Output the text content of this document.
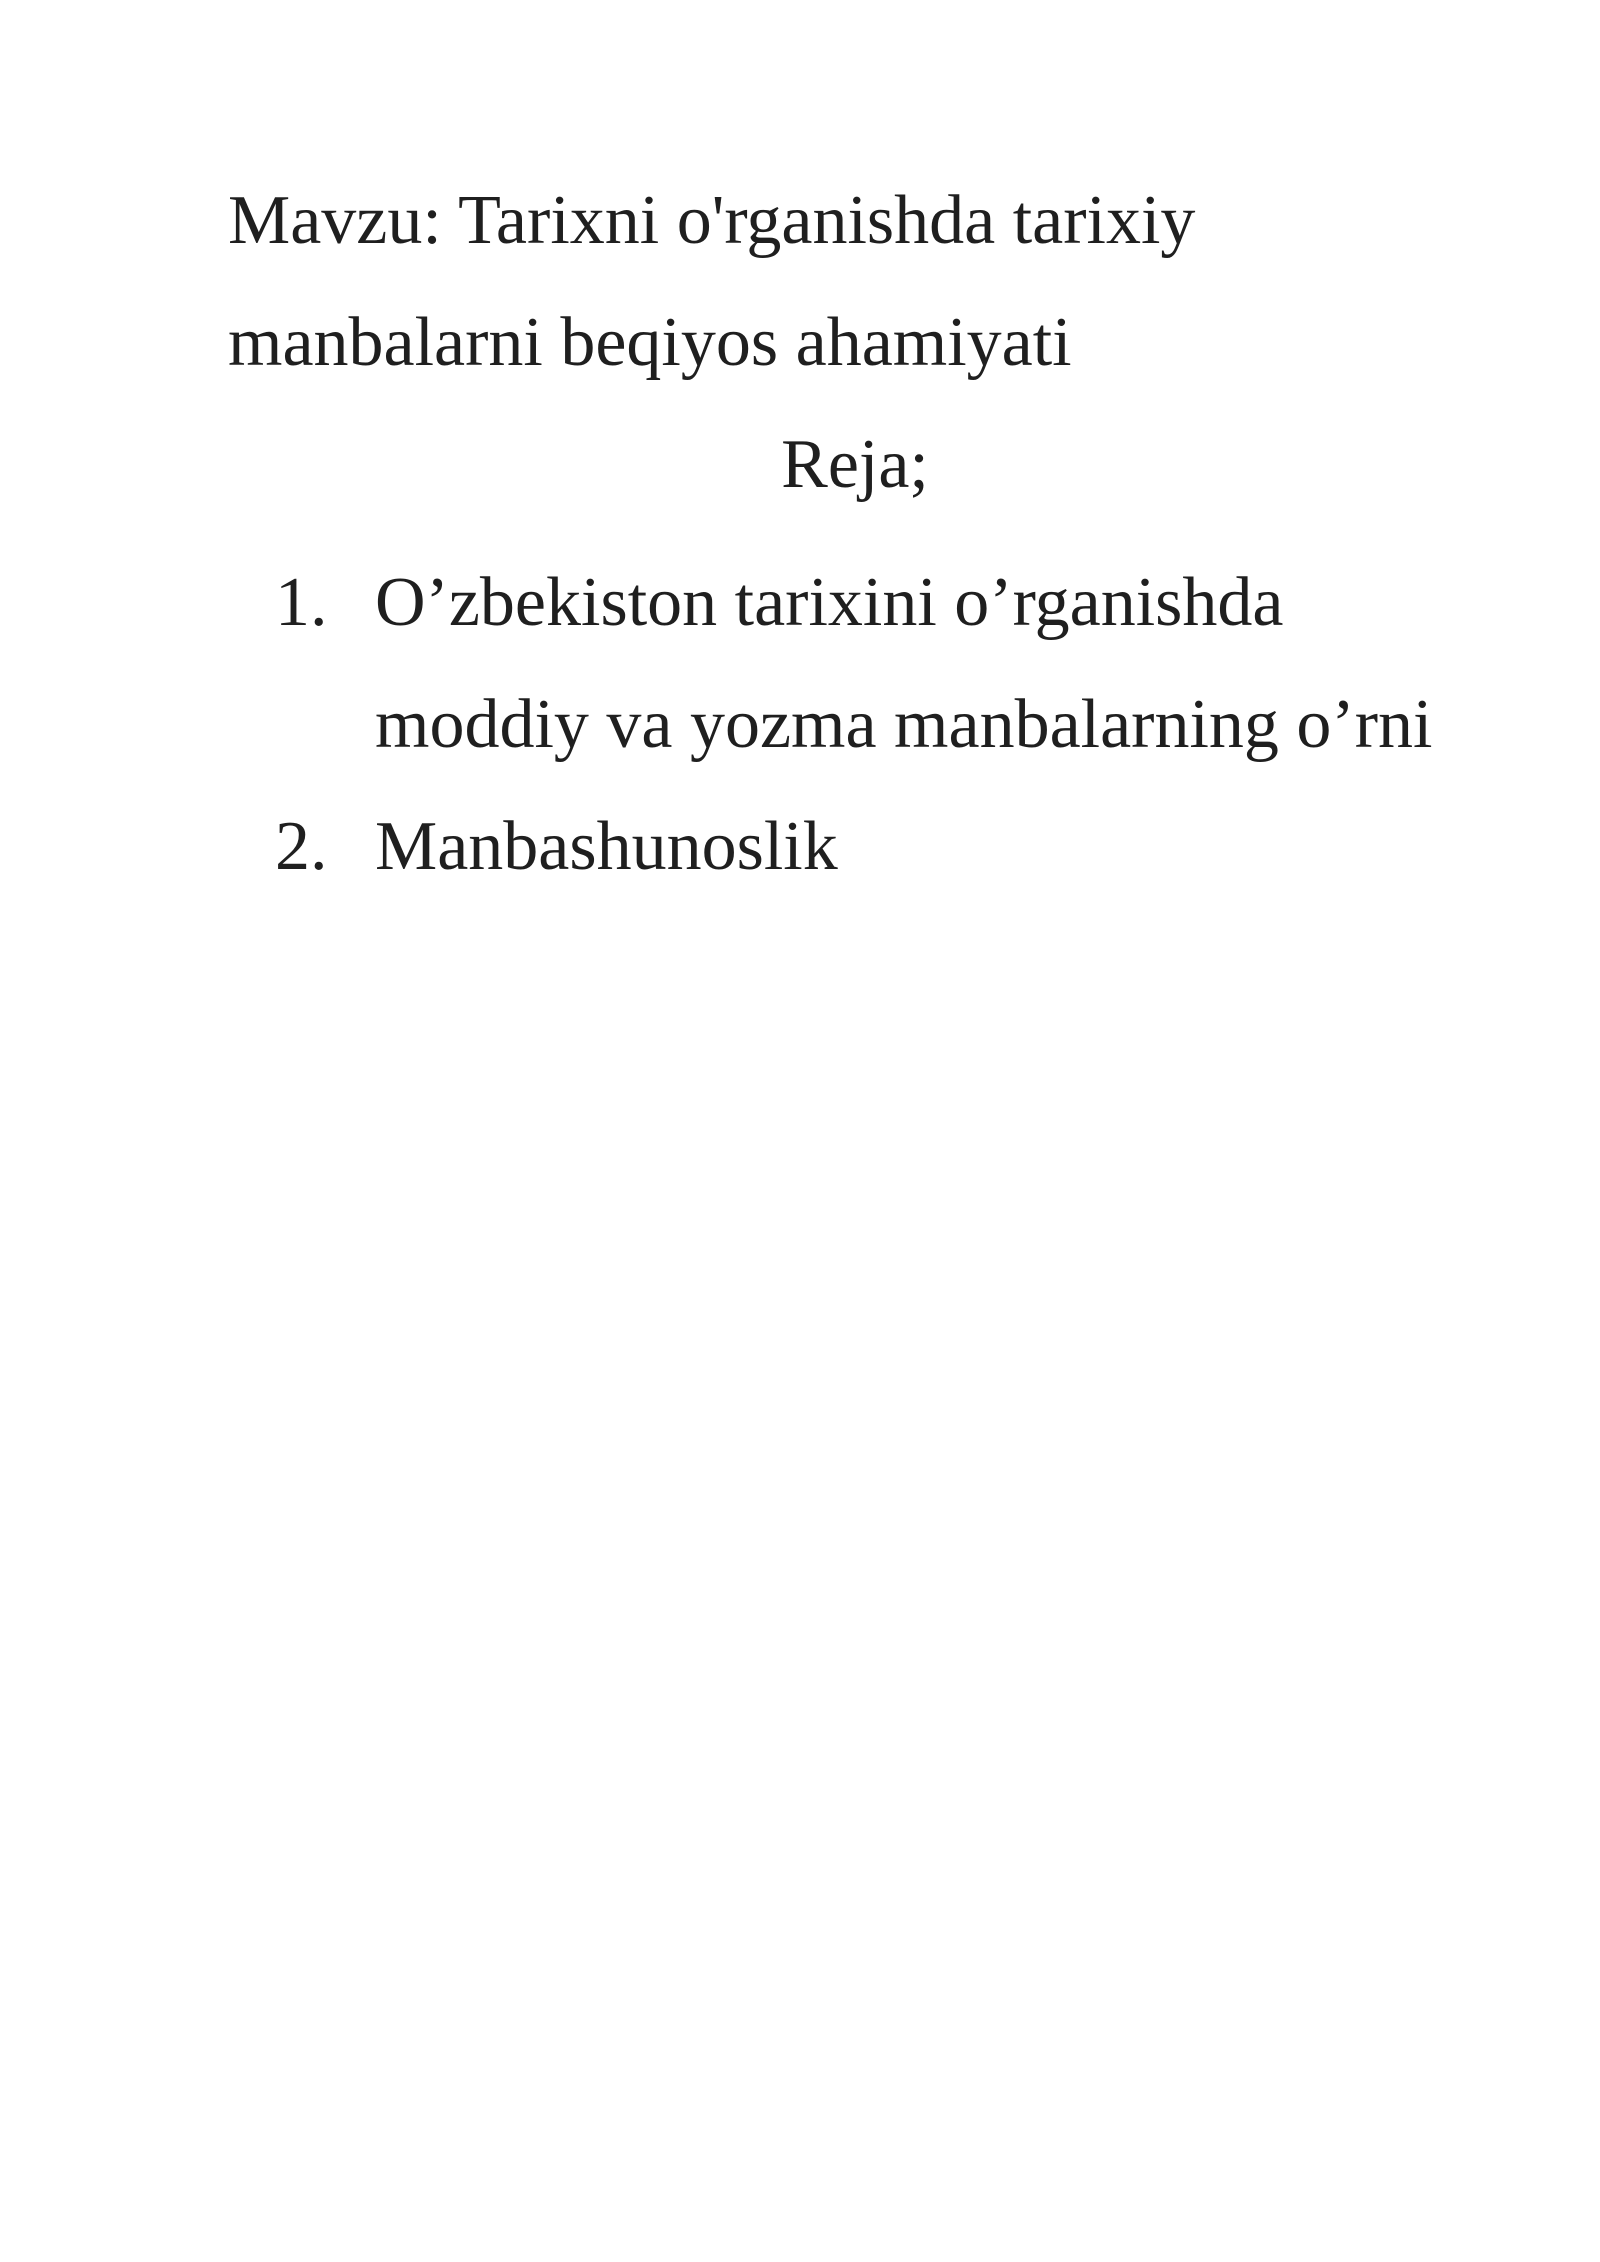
Mavzu: Tarixni o'rganishda tarixiy
manbalarni beqiyos ahamiyati
Reja;
1. O’zbekiston tarixini o’rganishda
moddiy va yozma manbalarning o’rni
2. Manbashunoslik
